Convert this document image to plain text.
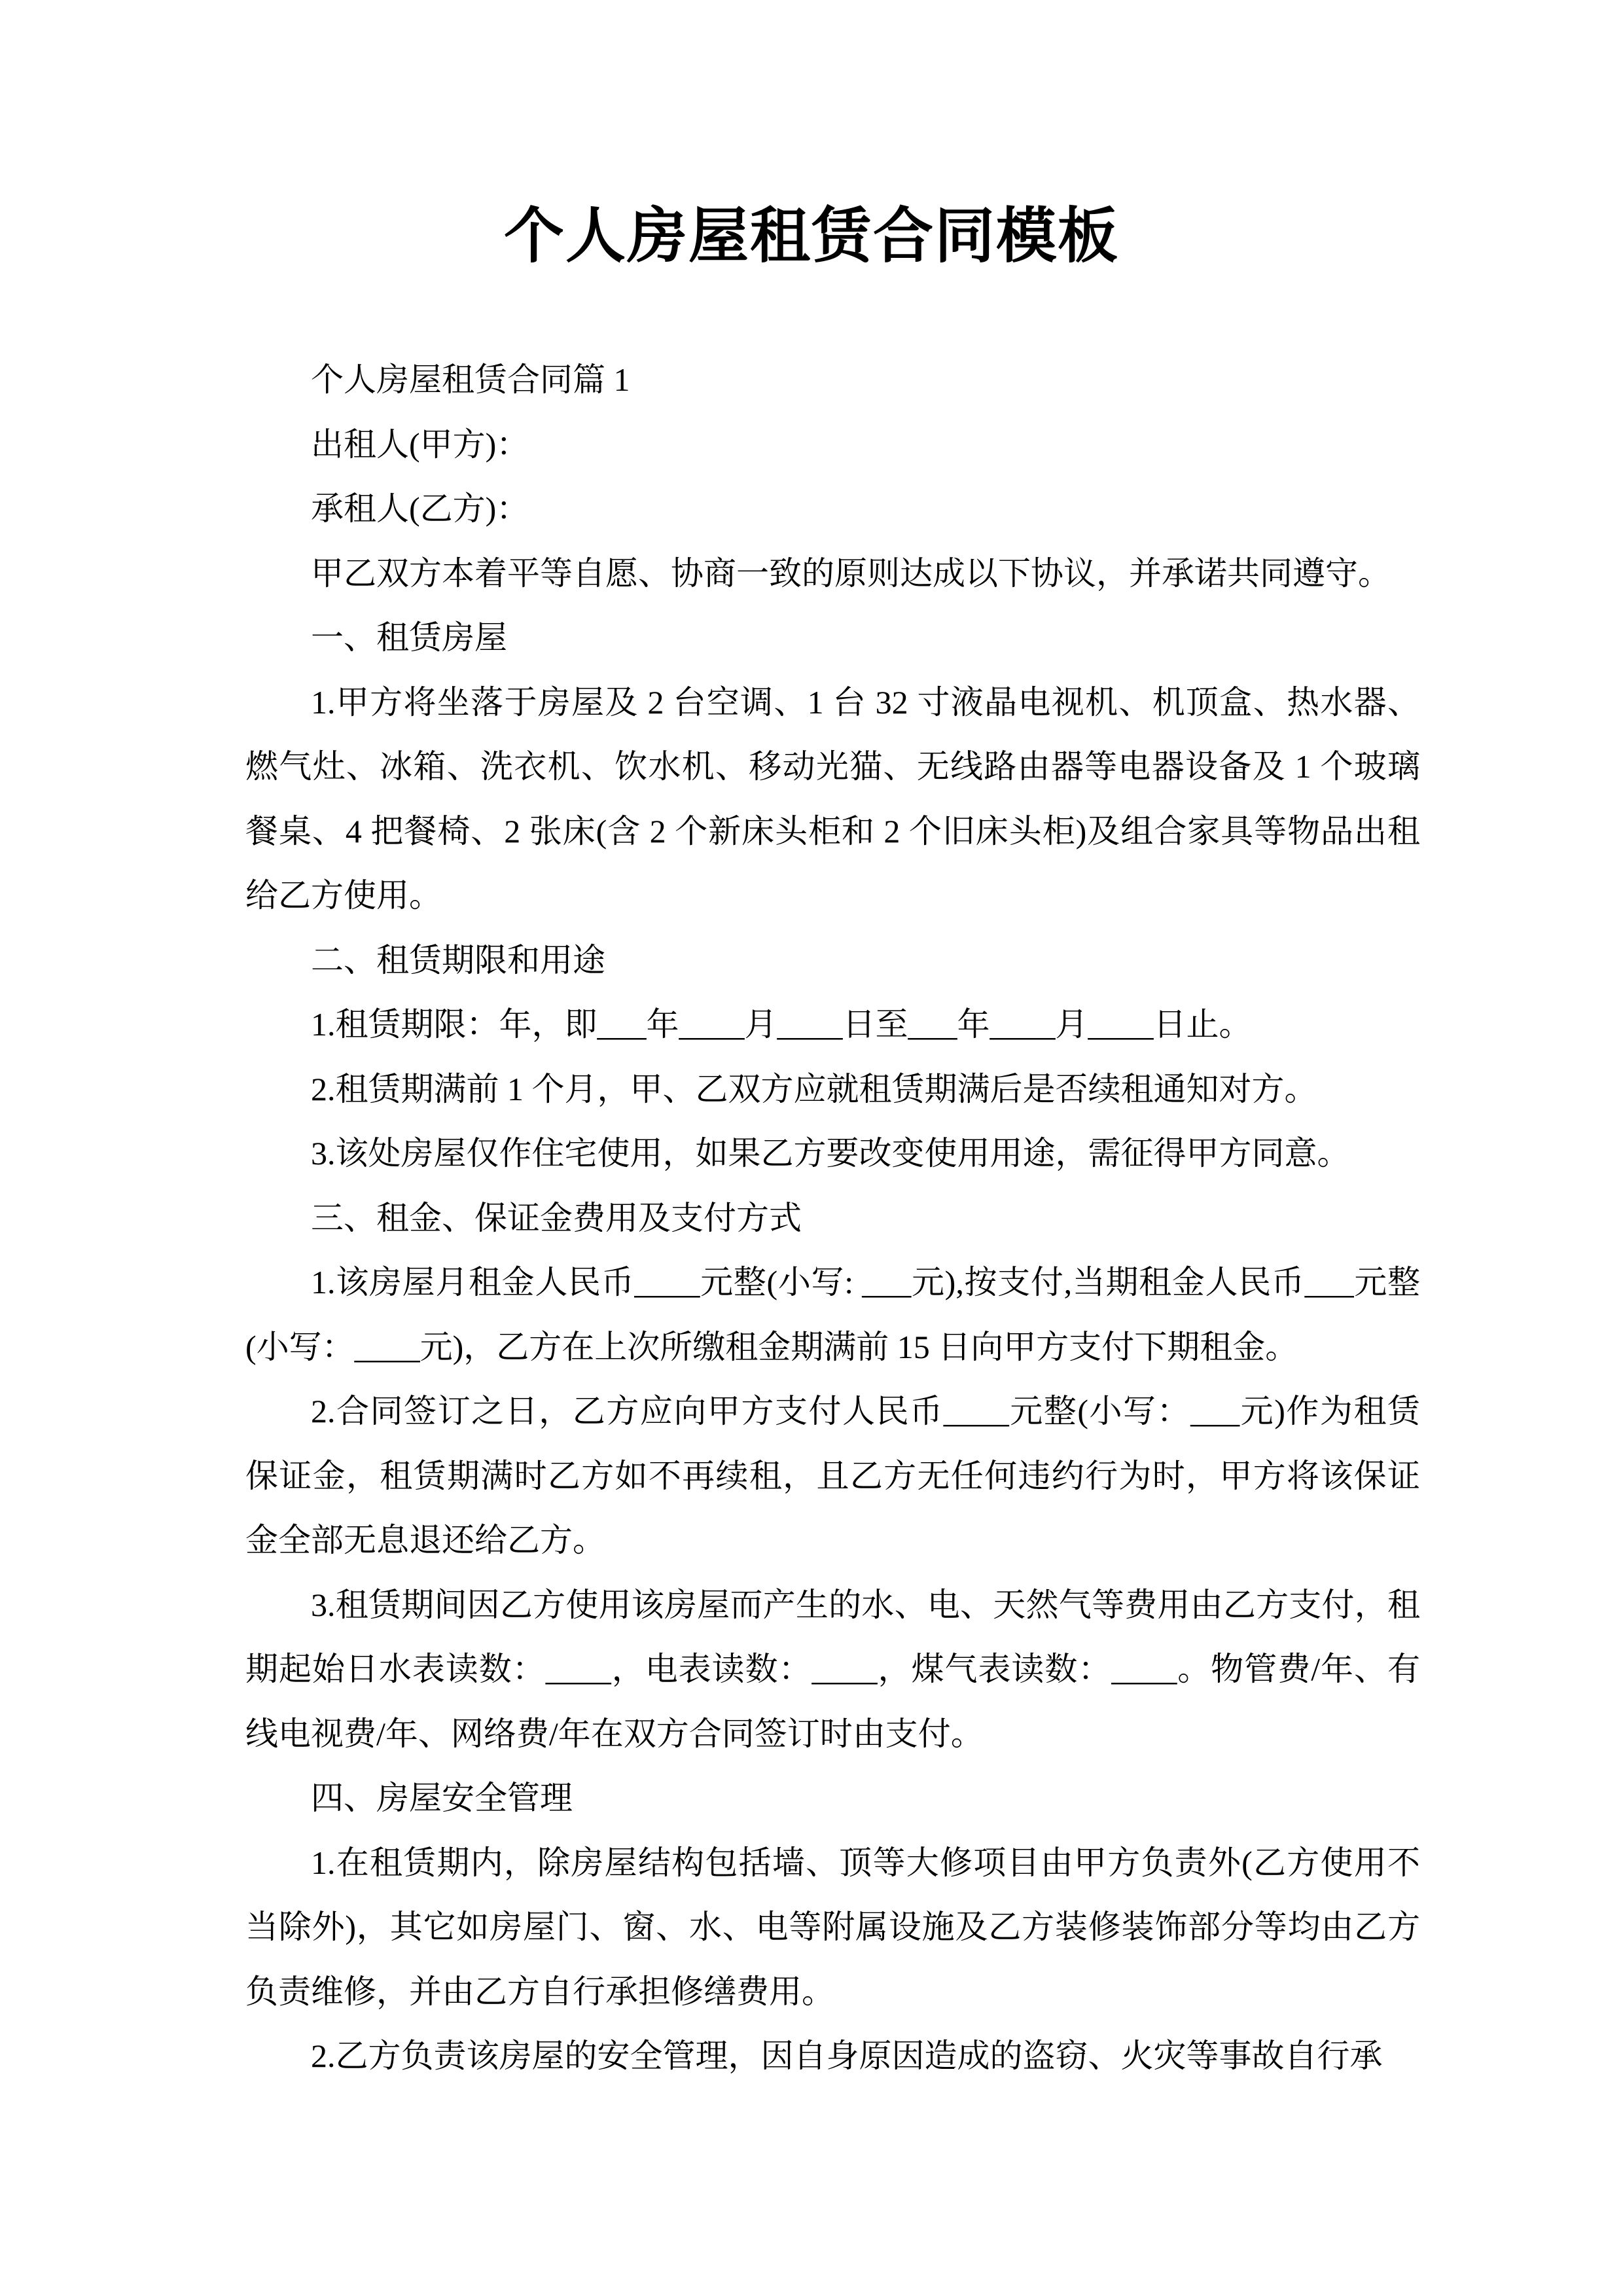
个人房屋租赁合同模板

个人房屋租赁合同篇 1

出租人(甲方)：

承租人(乙方)：

甲乙双方本着平等自愿、协商一致的原则达成以下协议，并承诺共同遵守。

一、租赁房屋

1.甲方将坐落于房屋及 2 台空调、1 台 32 寸液晶电视机、机顶盒、热水器、燃气灶、冰箱、洗衣机、饮水机、移动光猫、无线路由器等电器设备及 1 个玻璃餐桌、4 把餐椅、2 张床(含 2 个新床头柜和 2 个旧床头柜)及组合家具等物品出租给乙方使用。

二、租赁期限和用途

1.租赁期限：年，即___年____月____日至___年____月____日止。

2.租赁期满前 1 个月，甲、乙双方应就租赁期满后是否续租通知对方。

3.该处房屋仅作住宅使用，如果乙方要改变使用用途，需征得甲方同意。

三、租金、保证金费用及支付方式

1.该房屋月租金人民币____元整(小写: ___元),按支付,当期租金人民币___元整(小写：____元)，乙方在上次所缴租金期满前 15 日向甲方支付下期租金。

2.合同签订之日，乙方应向甲方支付人民币____元整(小写：___元)作为租赁保证金，租赁期满时乙方如不再续租，且乙方无任何违约行为时，甲方将该保证金全部无息退还给乙方。

3.租赁期间因乙方使用该房屋而产生的水、电、天然气等费用由乙方支付，租期起始日水表读数：____，电表读数：____，煤气表读数：____。物管费/年、有线电视费/年、网络费/年在双方合同签订时由支付。

四、房屋安全管理

1.在租赁期内，除房屋结构包括墙、顶等大修项目由甲方负责外(乙方使用不当除外)，其它如房屋门、窗、水、电等附属设施及乙方装修装饰部分等均由乙方负责维修，并由乙方自行承担修缮费用。

2.乙方负责该房屋的安全管理，因自身原因造成的盗窃、火灾等事故自行承
